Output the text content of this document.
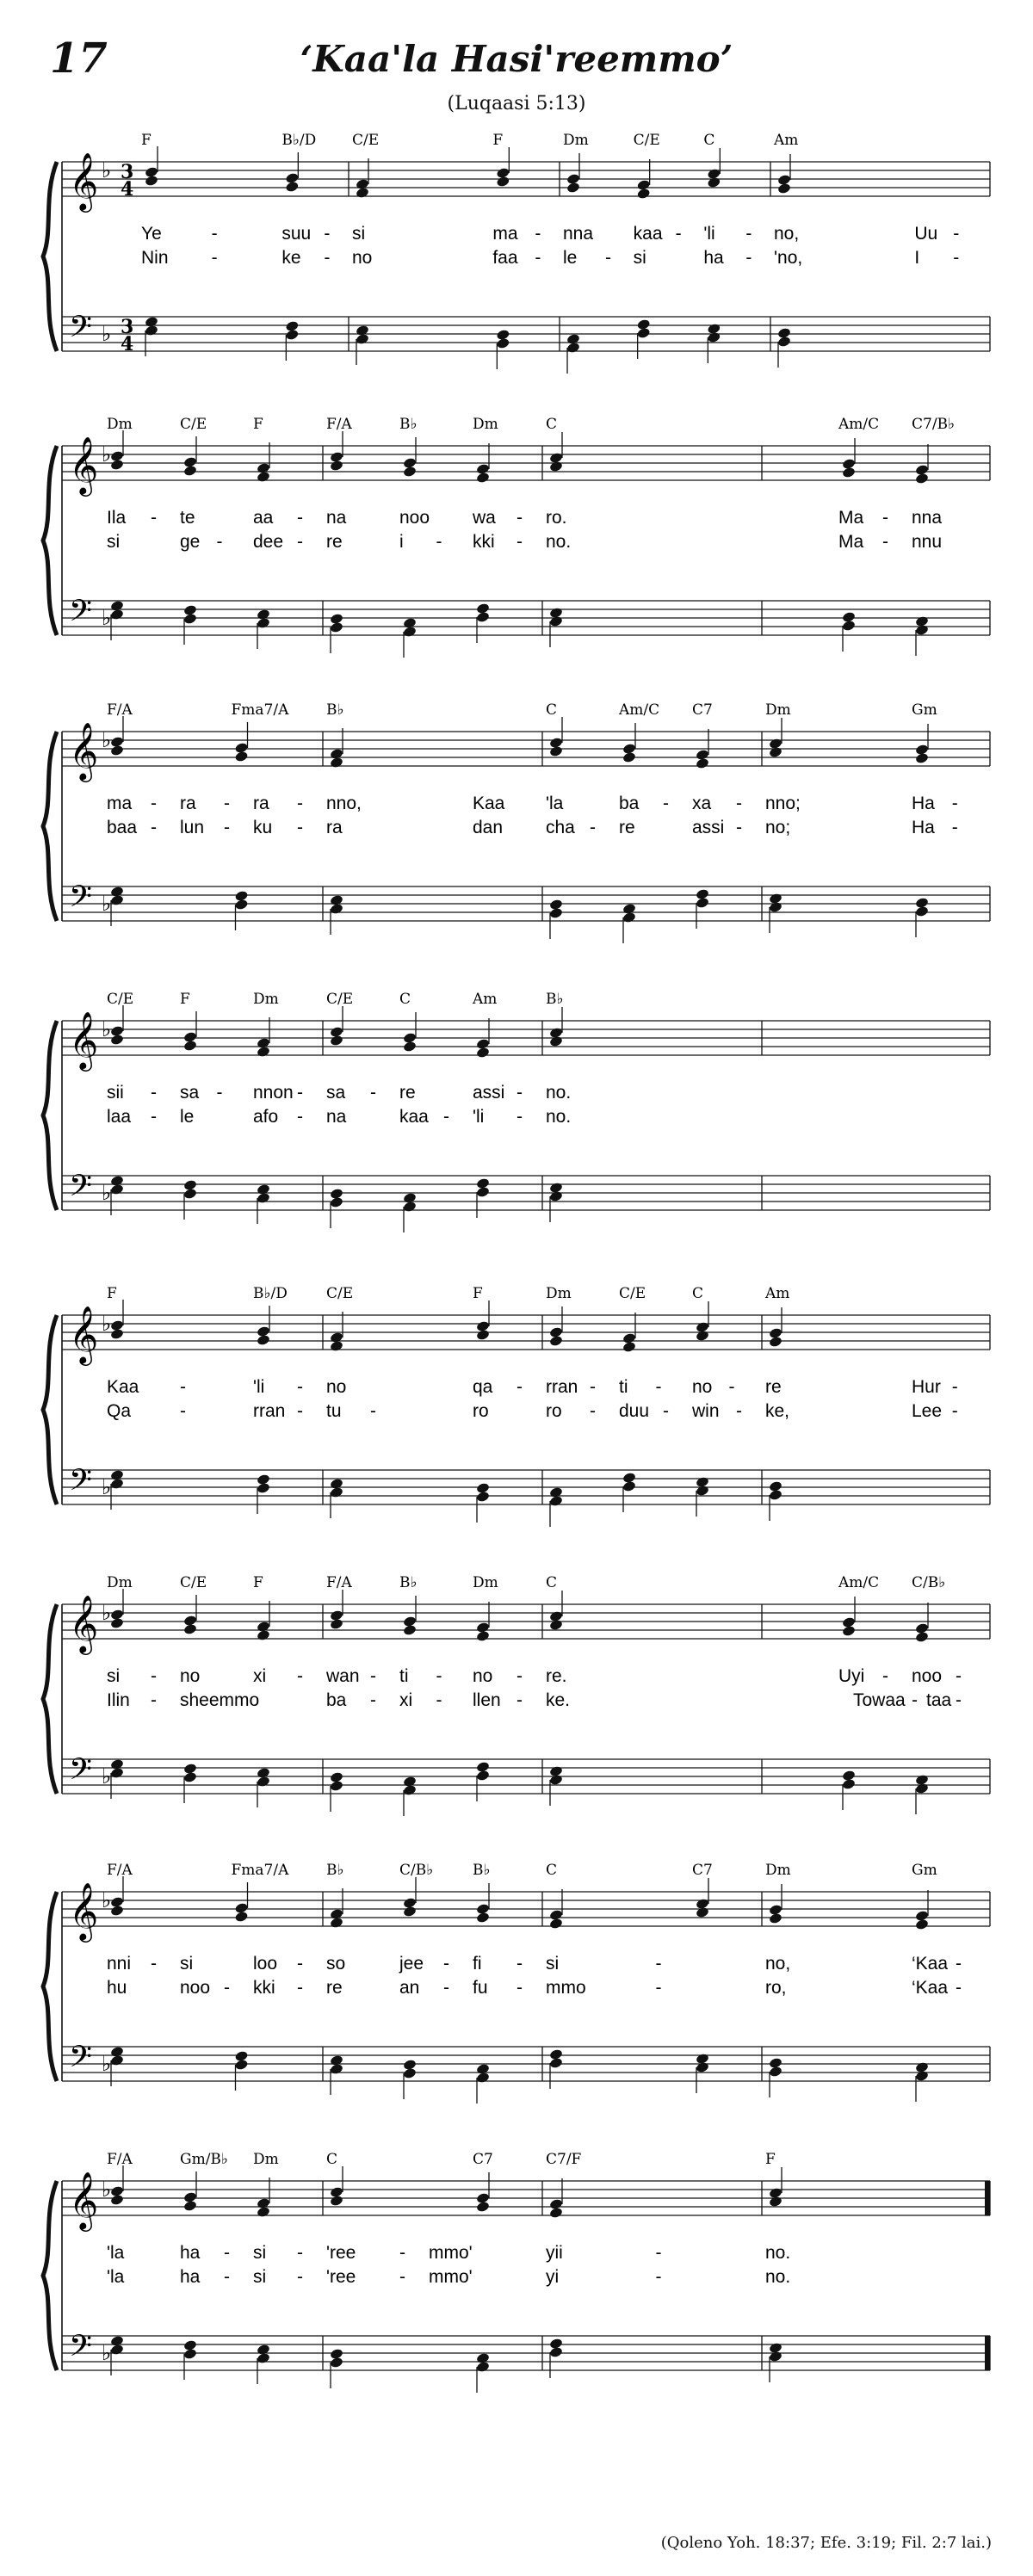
17	‘Kaa'la Hasi'reemmo’
(Luqaasi 5:13)
𝄞 ♭ 3
4
𝄢 ♭ 3
4
F	B♭/D C/E	F	Dm	C/E	C	Am
Ye	-	suu - si	ma - nna kaa - 'li - no,	Uu -
Nin -	ke - no	faa - le - si	ha - 'no,	I -
𝄞 ♭
𝄢 ♭
Dm	C/E	F	F/A	B♭	Dm	C	Am/C C7/B♭
Ila - te	aa - na	noo wa - ro.	Ma - nna
si	ge - dee - re	i - kki - no.	Ma - nnu
𝄞 ♭
𝄢 ♭
F/A	Fma7/A	B♭	C	Am/C C7	Dm	Gm
ma - ra - ra - nno,	Kaa 'la	ba - xa - nno;	Ha -
baa - lun - ku - ra	dan cha - re	assi - no;	Ha -
𝄞 ♭
𝄢 ♭
C/E	F	Dm	C/E	C	Am	B♭
sii - sa - nnon - sa - re	assi - no.
laa - le	afo - na	kaa - 'li - no.
𝄞 ♭
𝄢 ♭
F	B♭/D	C/E	F	Dm	C/E	C	Am
Kaa -	'li - no	qa - rran - ti - no - re	Hur -
Qa	-	rran - tu -	ro	ro - duu - win - ke,	Lee -
𝄞 ♭
𝄢 ♭
Dm	C/E	F	F/A	B♭	Dm	C	Am/C C/B♭
si - no	xi - wan - ti - no - re.	Uyi - noo -
Ilin - sheemmo	ba - xi - llen - ke.	Towaa - taa -
𝄞 ♭
𝄢 ♭
F/A	Fma7/A	B♭	C/B♭	B♭	C	C7	Dm	Gm
nni - si	loo - so	jee - fi - si	-	no,	‘Kaa -
hu	noo - kki - re	an - fu - mmo	-	ro,	‘Kaa -
𝄞 ♭
𝄢 ♭
F/A	Gm/B♭ Dm	C	C7	C7/F	F
'la	ha - si - 'ree - mmo'	yii	-	no.
'la	ha - si - 'ree - mmo'	yi	-	no.
(Qoleno Yoh. 18:37; Efe. 3:19; Fil. 2:7 lai.)
